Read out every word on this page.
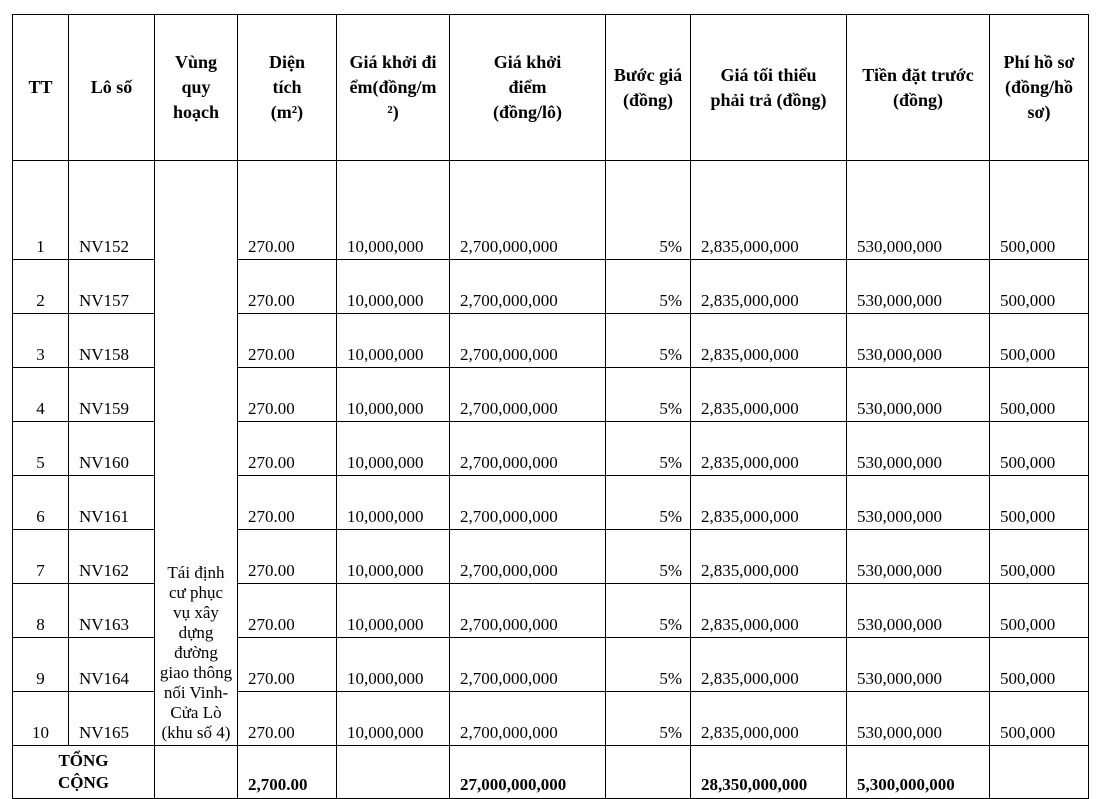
TT	Lô số	Vùng quy hoạch	Diện tích (m²)	Giá khởi điểm(đồng/m²)	Giá khởi điểm (đồng/lô)	Bước giá (đồng)	Giá tối thiểu phải trả (đồng)	Tiền đặt trước (đồng)	Phí hồ sơ (đồng/hồ sơ)
1	NV152	Tái định cư phục vụ xây dựng đường giao thông nối Vinh-Cửa Lò (khu số 4)	270.00	10,000,000	2,700,000,000	5%	2,835,000,000	530,000,000	500,000
2	NV157		270.00	10,000,000	2,700,000,000	5%	2,835,000,000	530,000,000	500,000
3	NV158		270.00	10,000,000	2,700,000,000	5%	2,835,000,000	530,000,000	500,000
4	NV159		270.00	10,000,000	2,700,000,000	5%	2,835,000,000	530,000,000	500,000
5	NV160		270.00	10,000,000	2,700,000,000	5%	2,835,000,000	530,000,000	500,000
6	NV161		270.00	10,000,000	2,700,000,000	5%	2,835,000,000	530,000,000	500,000
7	NV162		270.00	10,000,000	2,700,000,000	5%	2,835,000,000	530,000,000	500,000
8	NV163		270.00	10,000,000	2,700,000,000	5%	2,835,000,000	530,000,000	500,000
9	NV164		270.00	10,000,000	2,700,000,000	5%	2,835,000,000	530,000,000	500,000
10	NV165		270.00	10,000,000	2,700,000,000	5%	2,835,000,000	530,000,000	500,000
TỔNG CỘNG			2,700.00		27,000,000,000		28,350,000,000	5,300,000,000	
